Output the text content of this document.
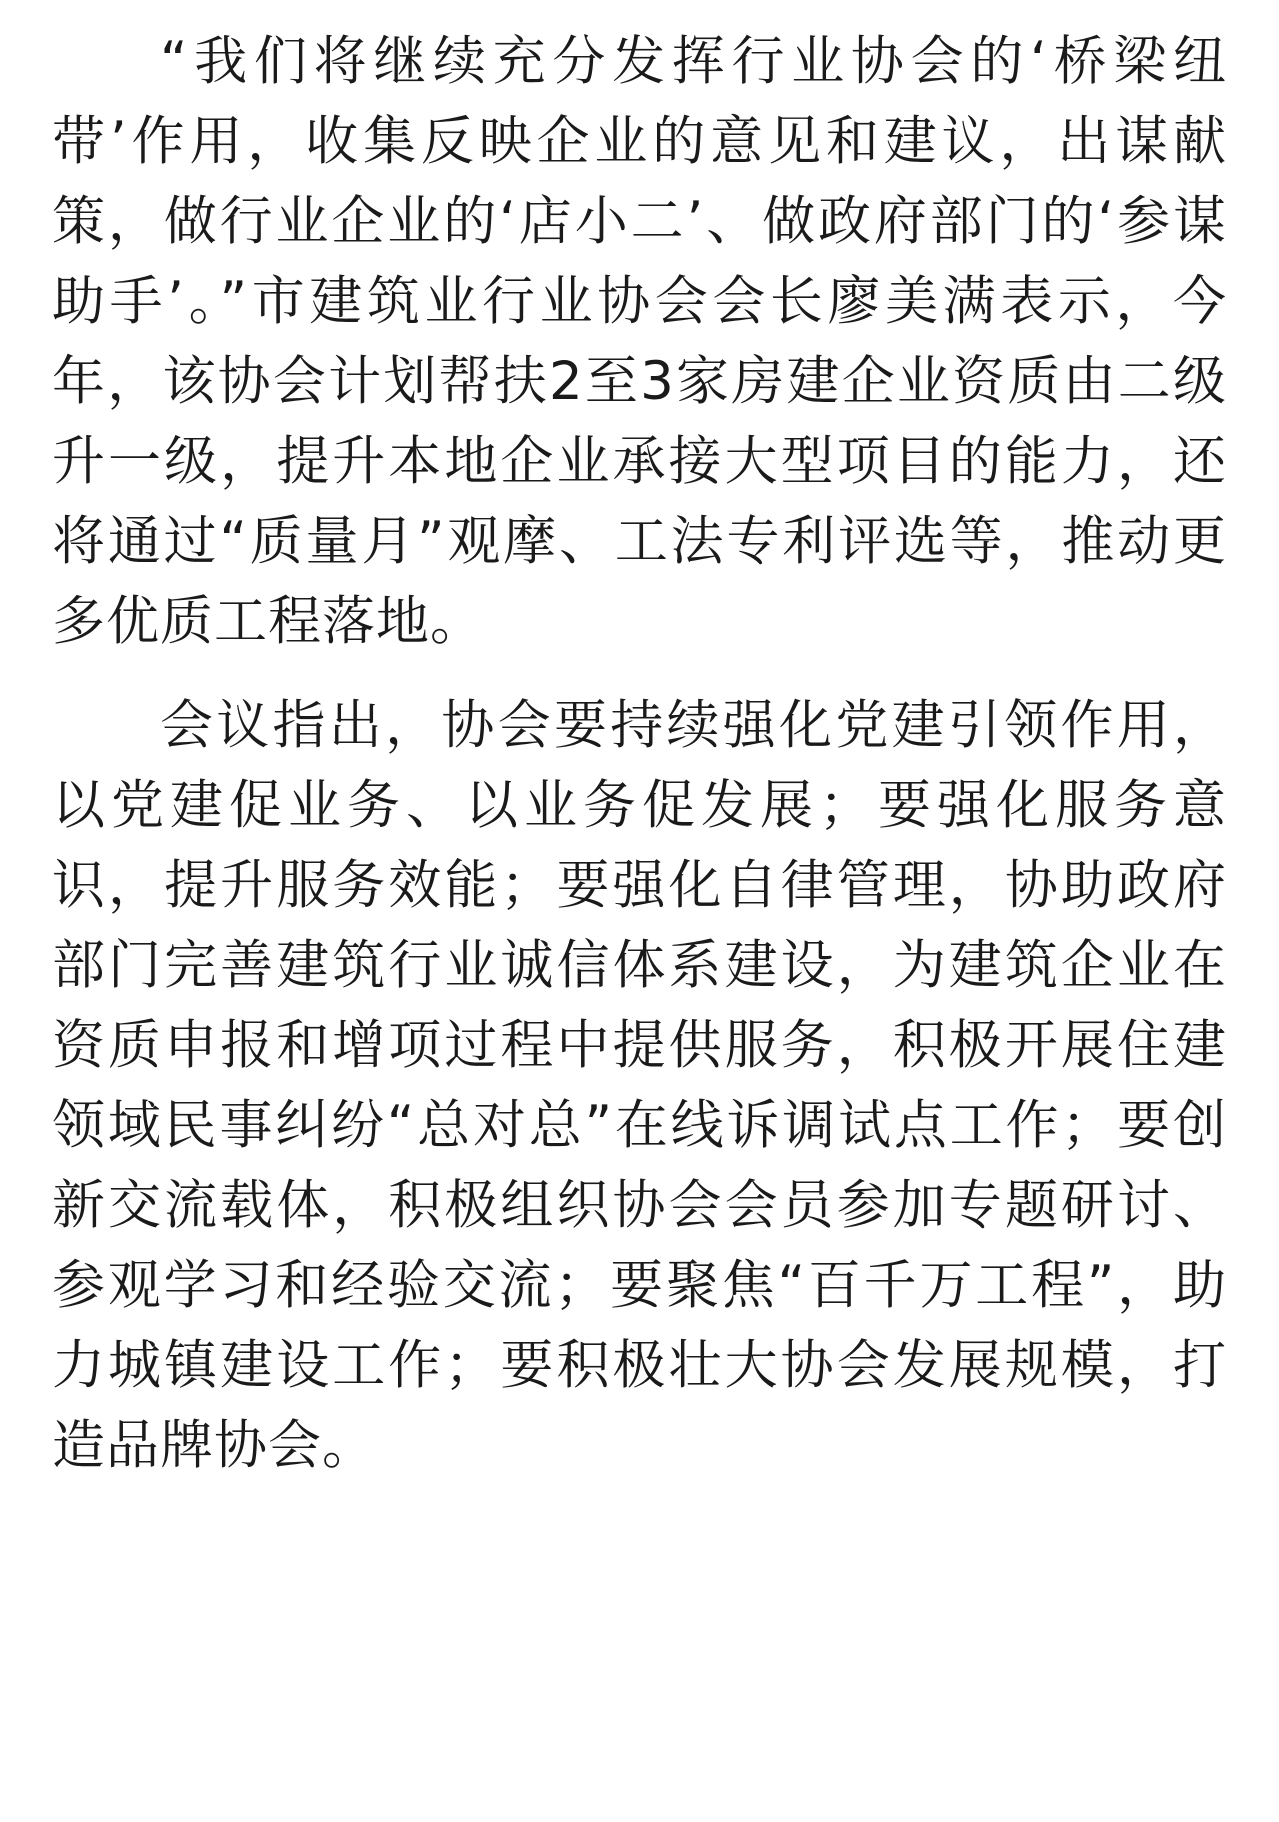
“我们将继续充分发挥行业协会的‘桥梁纽
带’作用，收集反映企业的意见和建议，出谋献
策，做行业企业的‘店小二’、做政府部门的‘参谋
助手’。”市建筑业行业协会会长廖美满表示，今
年，该协会计划帮扶2至3家房建企业资质由二级
升一级，提升本地企业承接大型项目的能力，还
将通过“质量月”观摩、工法专利评选等，推动更
多优质工程落地。
会议指出，协会要持续强化党建引领作用，
以党建促业务、以业务促发展；要强化服务意
识，提升服务效能；要强化自律管理，协助政府
部门完善建筑行业诚信体系建设，为建筑企业在
资质申报和增项过程中提供服务，积极开展住建
领域民事纠纷“总对总”在线诉调试点工作；要创
新交流载体，积极组织协会会员参加专题研讨、
参观学习和经验交流；要聚焦“百千万工程”，助
力城镇建设工作；要积极壮大协会发展规模，打
造品牌协会。
